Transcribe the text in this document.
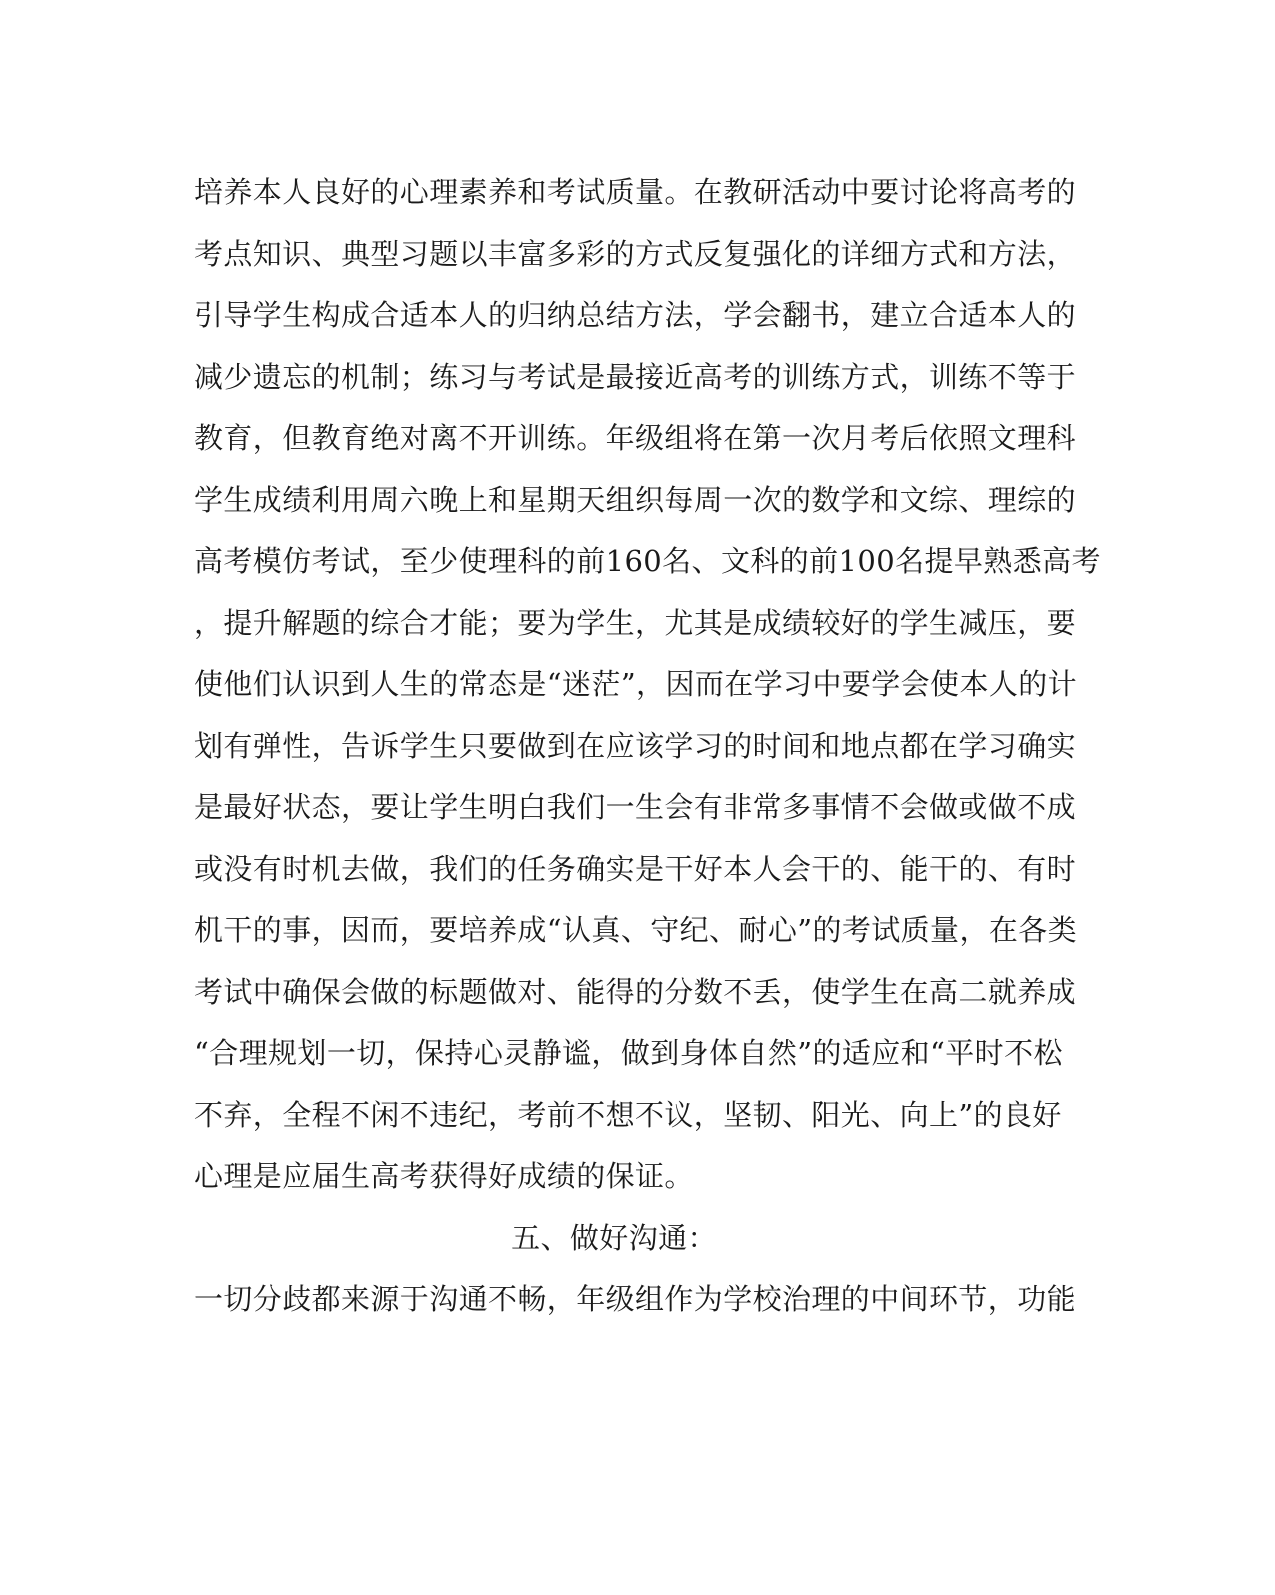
培养本人良好的心理素养和考试质量。在教研活动中要讨论将高考的
考点知识、典型习题以丰富多彩的方式反复强化的详细方式和方法，
引导学生构成合适本人的归纳总结方法，学会翻书，建立合适本人的
减少遗忘的机制；练习与考试是最接近高考的训练方式，训练不等于
教育，但教育绝对离不开训练。年级组将在第一次月考后依照文理科
学生成绩利用周六晚上和星期天组织每周一次的数学和文综、理综的
高考模仿考试，至少使理科的前160名、文科的前100名提早熟悉高考
，提升解题的综合才能；要为学生，尤其是成绩较好的学生减压，要
使他们认识到人生的常态是“迷茫”，因而在学习中要学会使本人的计
划有弹性，告诉学生只要做到在应该学习的时间和地点都在学习确实
是最好状态，要让学生明白我们一生会有非常多事情不会做或做不成
或没有时机去做，我们的任务确实是干好本人会干的、能干的、有时
机干的事，因而，要培养成“认真、守纪、耐心”的考试质量，在各类
考试中确保会做的标题做对、能得的分数不丢，使学生在高二就养成
“合理规划一切，保持心灵静谧，做到身体自然”的适应和“平时不松
不弃，全程不闲不违纪，考前不想不议，坚韧、阳光、向上”的良好
心理是应届生高考获得好成绩的保证。
五、做好沟通：
一切分歧都来源于沟通不畅，年级组作为学校治理的中间环节，功能
